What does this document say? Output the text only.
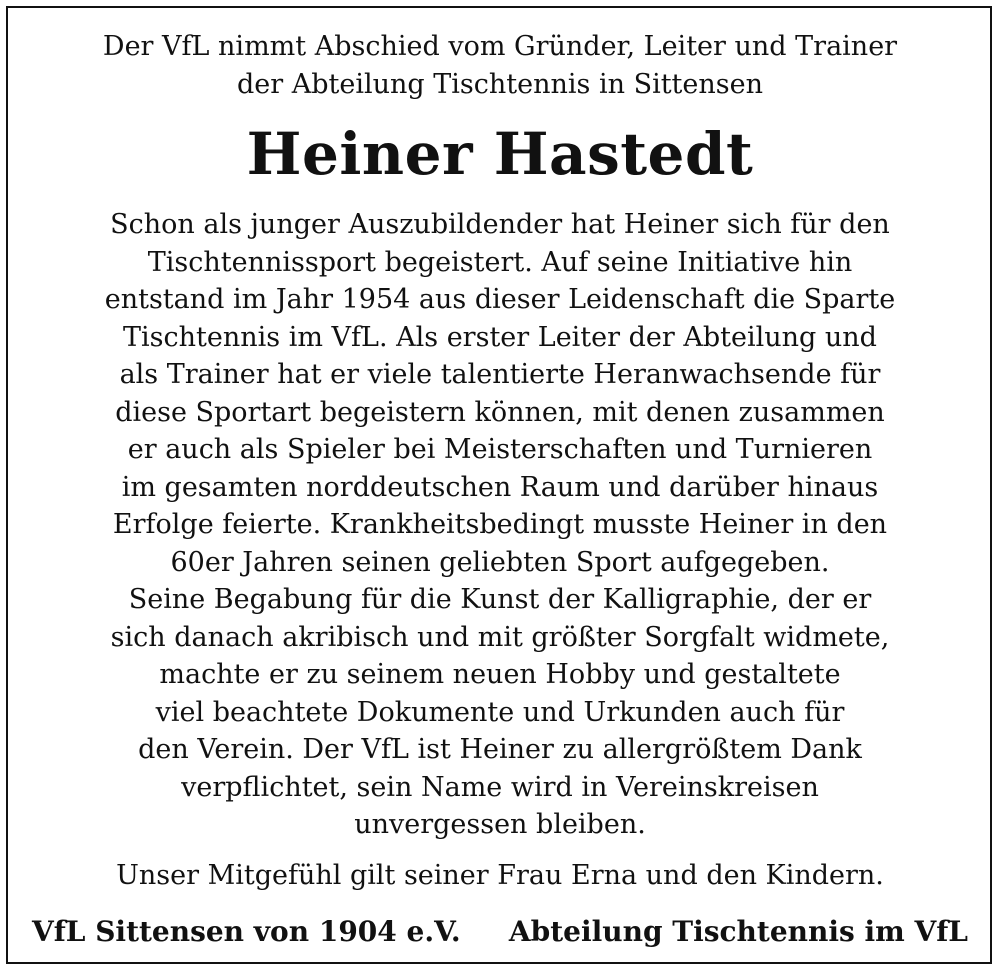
Der VfL nimmt Abschied vom Gründer, Leiter und Trainer
der Abteilung Tischtennis in Sittensen
Heiner Hastedt
Schon als junger Auszubildender hat Heiner sich für den
Tischtennissport begeistert. Auf seine Initiative hin
entstand im Jahr 1954 aus dieser Leidenschaft die Sparte
Tischtennis im VfL. Als erster Leiter der Abteilung und
als Trainer hat er viele talentierte Heranwachsende für
diese Sportart begeistern können, mit denen zusammen
er auch als Spieler bei Meisterschaften und Turnieren
im gesamten norddeutschen Raum und darüber hinaus
Erfolge feierte. Krankheitsbedingt musste Heiner in den
60er Jahren seinen geliebten Sport aufgegeben.
Seine Begabung für die Kunst der Kalligraphie, der er
sich danach akribisch und mit größter Sorgfalt widmete,
machte er zu seinem neuen Hobby und gestaltete
viel beachtete Dokumente und Urkunden auch für
den Verein. Der VfL ist Heiner zu allergrößtem Dank
verpflichtet, sein Name wird in Vereinskreisen
unvergessen bleiben.
Unser Mitgefühl gilt seiner Frau Erna und den Kindern.
VfL Sittensen von 1904 e.V. Abteilung Tischtennis im VfL
